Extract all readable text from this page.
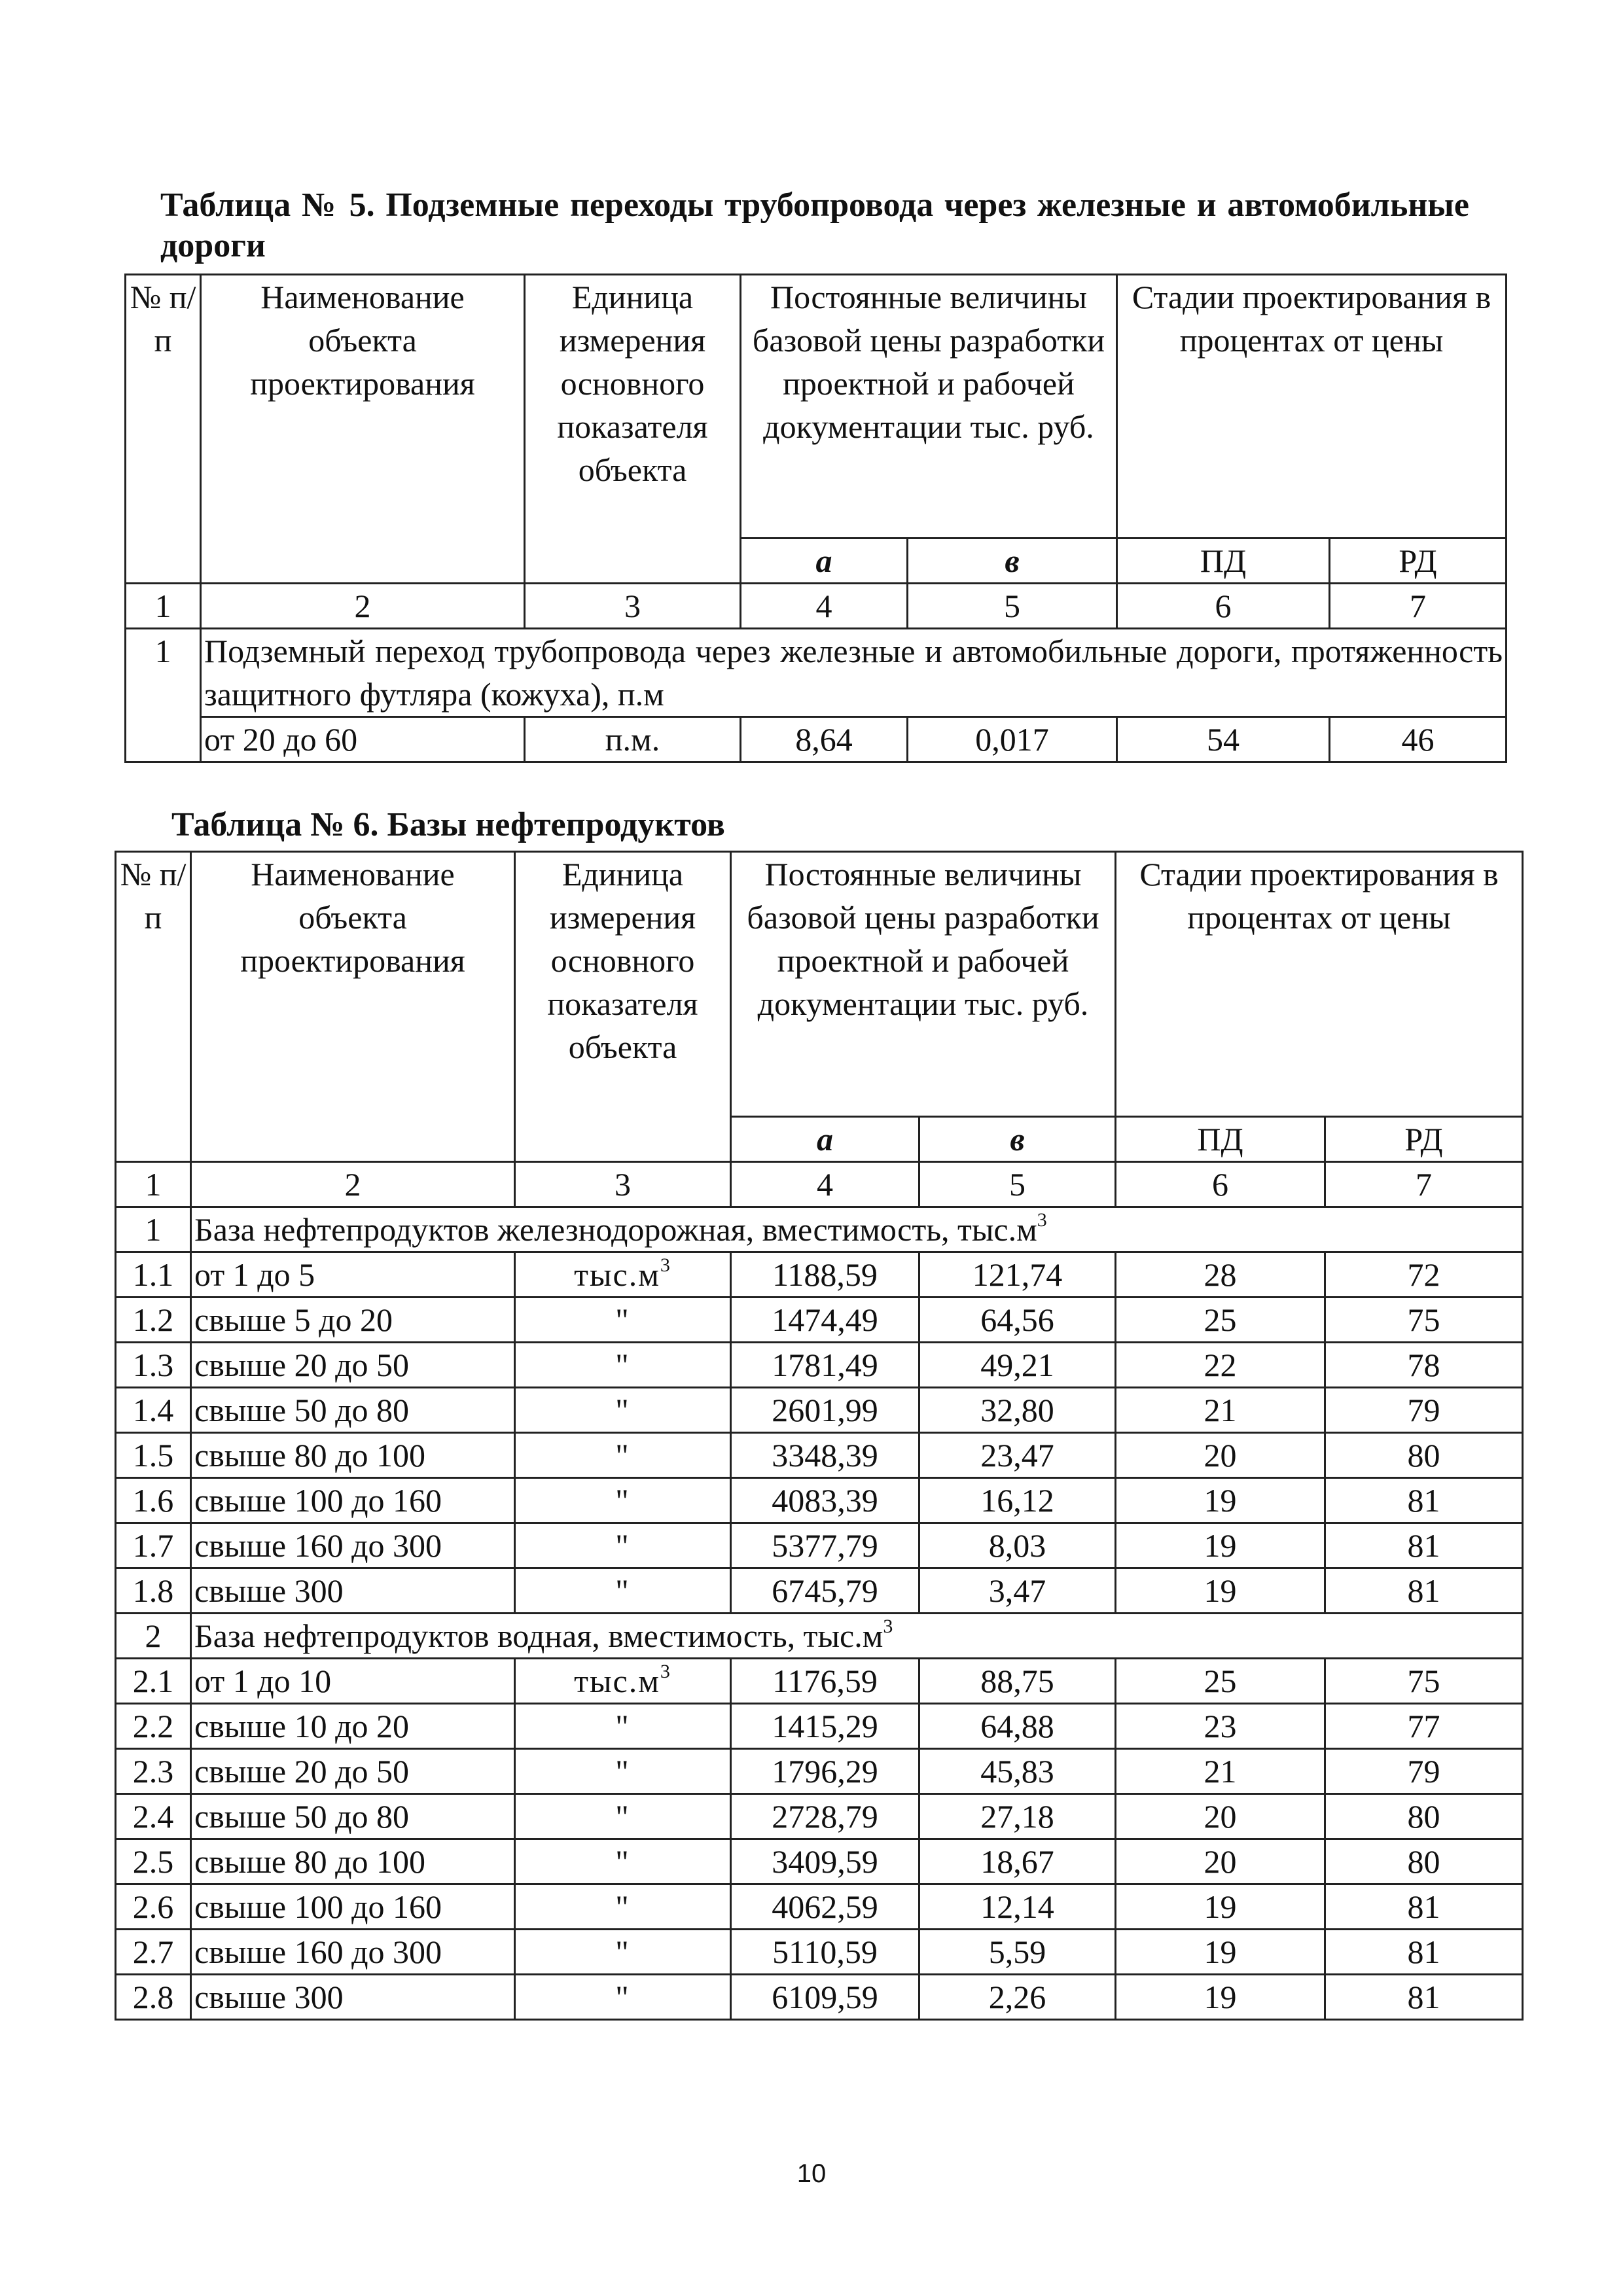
Таблица № 5. Подземные переходы трубопровода через железные и автомобильные дороги

№ п/п	Наименование объекта проектирования	Единица измерения основного показателя объекта	Постоянные величины базовой цены разработки проектной и рабочей документации тыс. руб.		Стадии проектирования в процентах от цены	
			а	в	ПД	РД
1	2	3	4	5	6	7
1	Подземный переход трубопровода через железные и автомобильные дороги, протяженность защитного футляра (кожуха), п.м					
	от 20 до 60	п.м.	8,64	0,017	54	46

Таблица № 6. Базы нефтепродуктов

№ п/п	Наименование объекта проектирования	Единица измерения основного показателя объекта	Постоянные величины базовой цены разработки проектной и рабочей документации тыс. руб.		Стадии проектирования в процентах от цены	
			а	в	ПД	РД
1	2	3	4	5	6	7
1	База нефтепродуктов железнодорожная, вместимость, $тыс.м^3$
1.1	от 1 до 5	$тыс.м^3$	1188,59	121,74	28	72
1.2	свыше 5 до 20	"	1474,49	64,56	25	75
1.3	свыше 20 до 50	"	1781,49	49,21	22	78
1.4	свыше 50 до 80	"	2601,99	32,80	21	79
1.5	свыше 80 до 100	"	3348,39	23,47	20	80
1.6	свыше 100 до 160	"	4083,39	16,12	19	81
1.7	свыше 160 до 300	"	5377,79	8,03	19	81
1.8	свыше 300	"	6745,79	3,47	19	81
2	База нефтепродуктов водная, вместимость, $тыс.м^3$
2.1	от 1 до 10	$тыс.м^3$	1176,59	88,75	25	75
2.2	свыше 10 до 20	"	1415,29	64,88	23	77
2.3	свыше 20 до 50	"	1796,29	45,83	21	79
2.4	свыше 50 до 80	"	2728,79	27,18	20	80
2.5	свыше 80 до 100	"	3409,59	18,67	20	80
2.6	свыше 100 до 160	"	4062,59	12,14	19	81
2.7	свыше 160 до 300	"	5110,59	5,59	19	81
2.8	свыше 300	"	6109,59	2,26	19	81

10
